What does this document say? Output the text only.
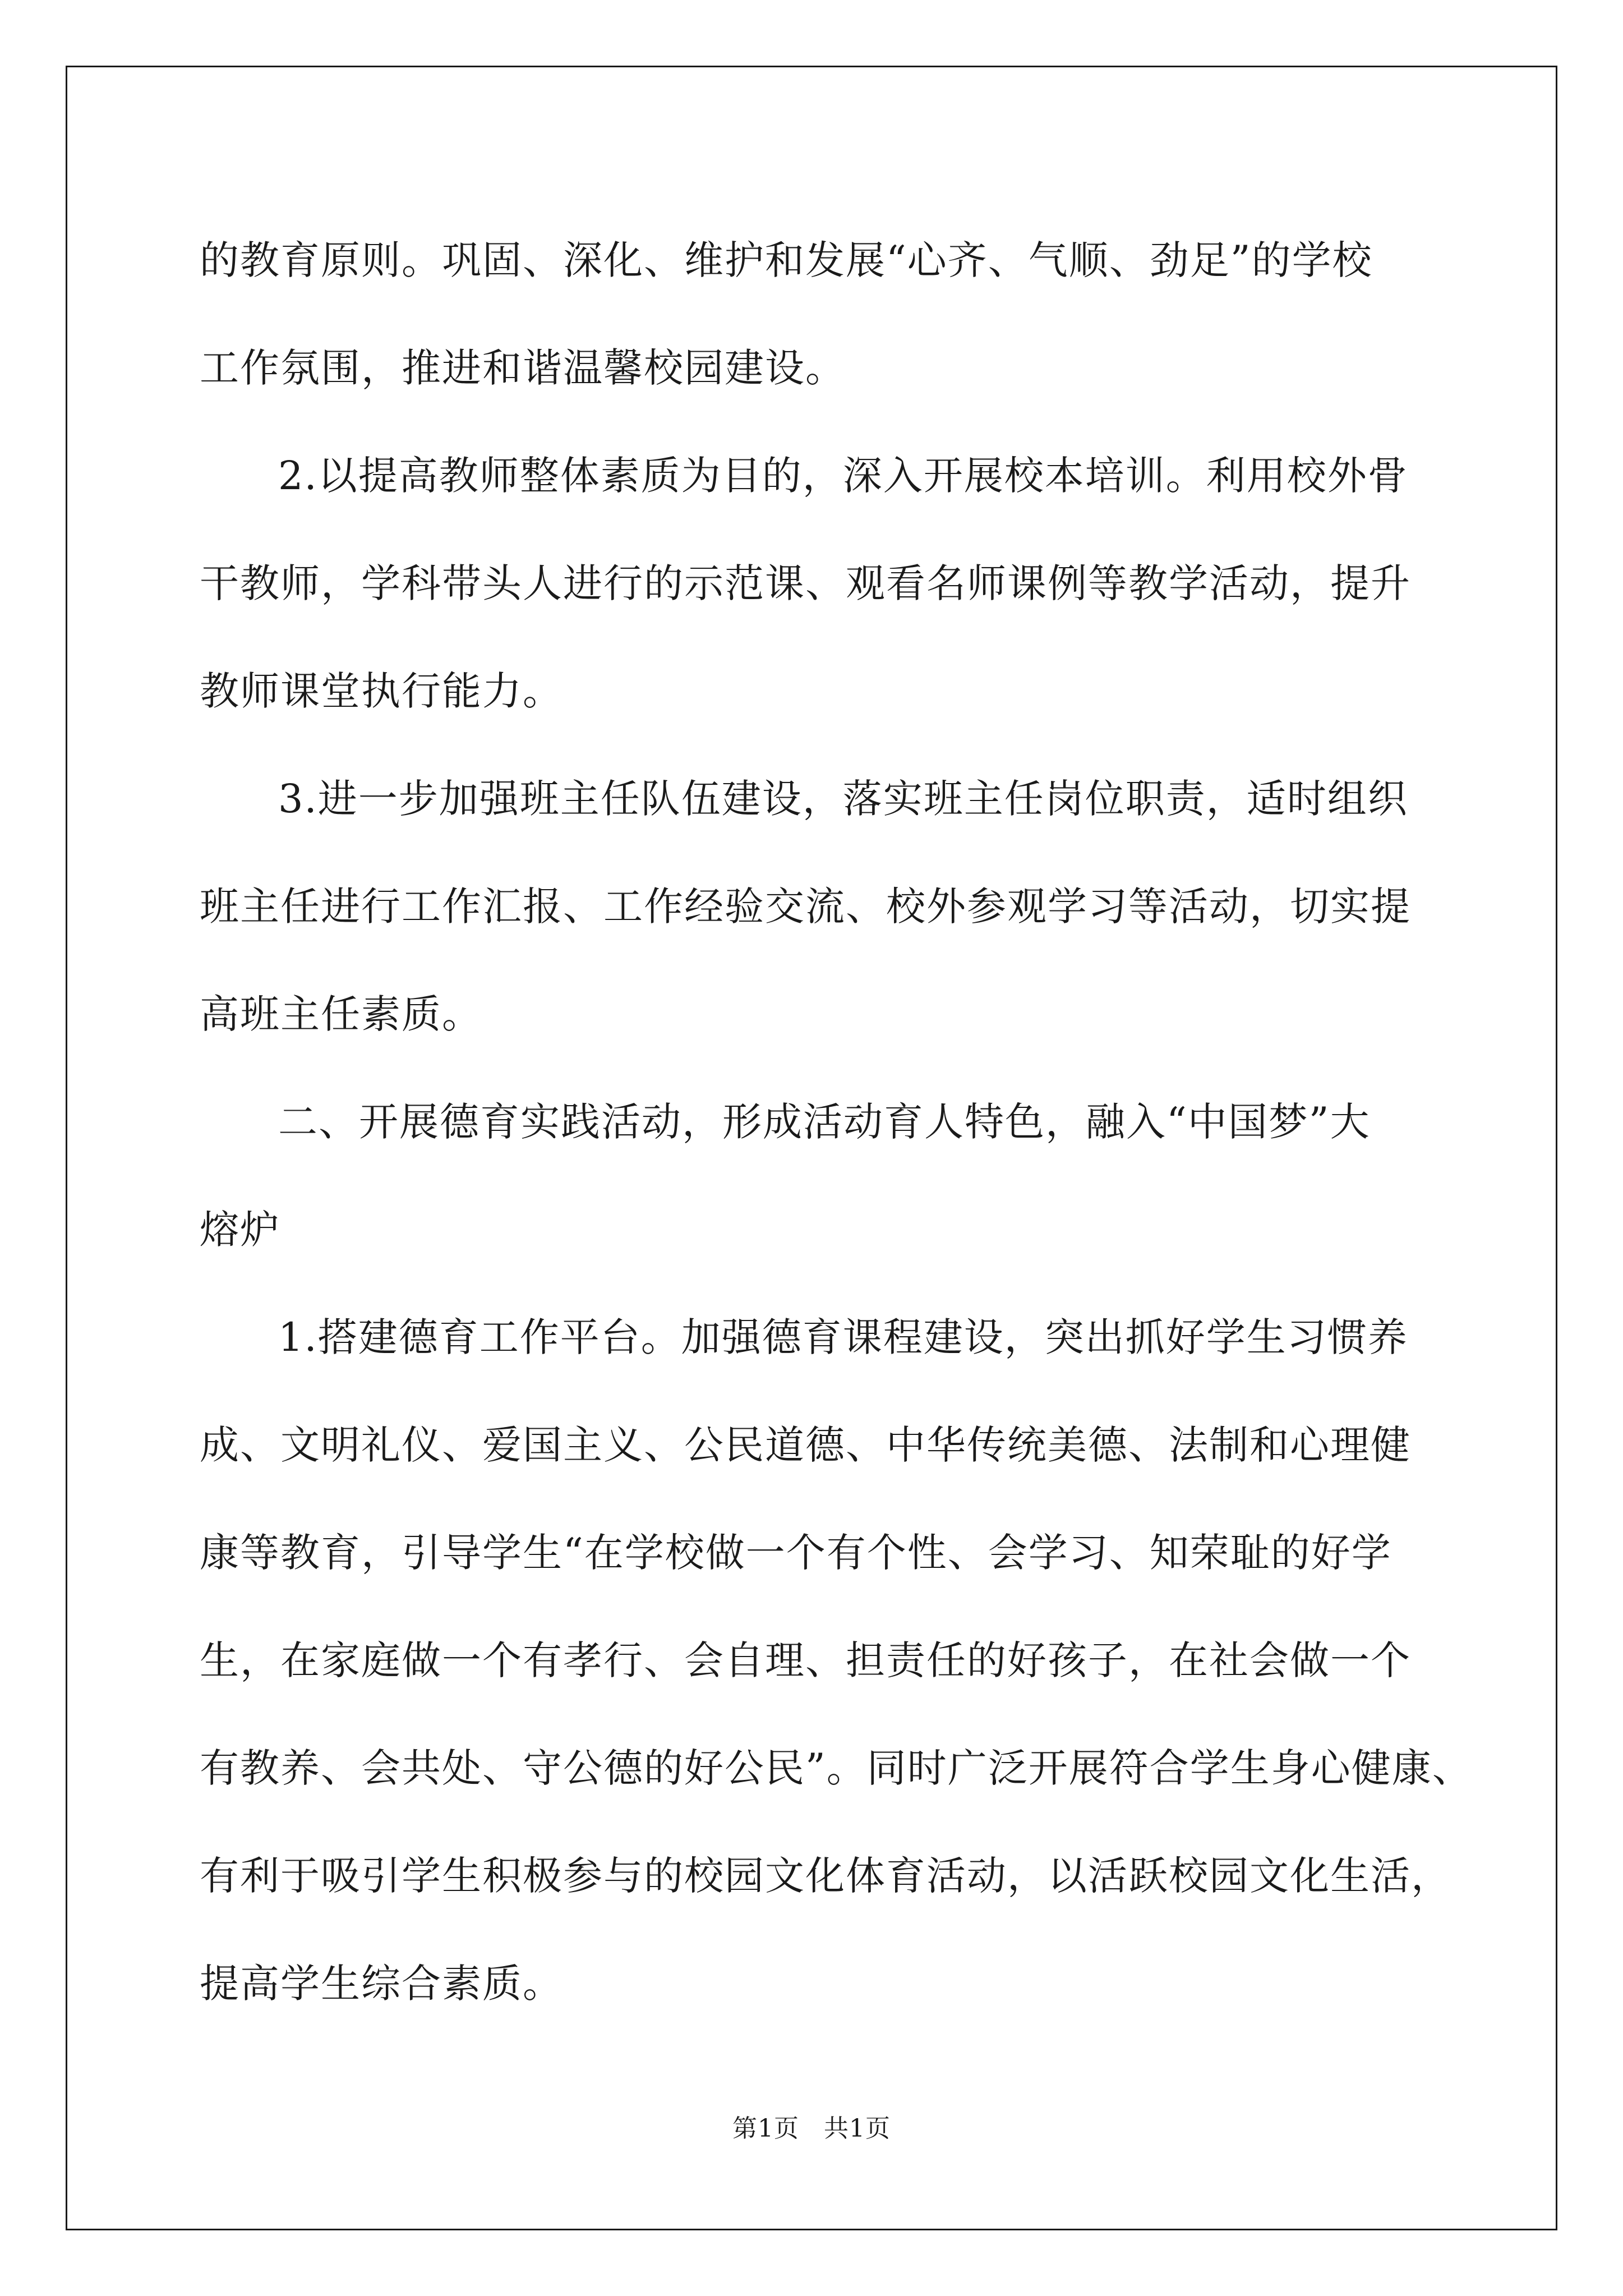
的教育原则。巩固、深化、维护和发展“心齐、气顺、劲足”的学校
工作氛围，推进和谐温馨校园建设。

2.以提高教师整体素质为目的，深入开展校本培训。利用校外骨
干教师，学科带头人进行的示范课、观看名师课例等教学活动，提升
教师课堂执行能力。

3.进一步加强班主任队伍建设，落实班主任岗位职责，适时组织
班主任进行工作汇报、工作经验交流、校外参观学习等活动，切实提
高班主任素质。

二、开展德育实践活动，形成活动育人特色，融入“中国梦”大
熔炉

1.搭建德育工作平台。加强德育课程建设，突出抓好学生习惯养
成、文明礼仪、爱国主义、公民道德、中华传统美德、法制和心理健
康等教育，引导学生“在学校做一个有个性、会学习、知荣耻的好学
生，在家庭做一个有孝行、会自理、担责任的好孩子，在社会做一个
有教养、会共处、守公德的好公民”。同时广泛开展符合学生身心健康、
有利于吸引学生积极参与的校园文化体育活动，以活跃校园文化生活，
提高学生综合素质。

第1页 共1页
